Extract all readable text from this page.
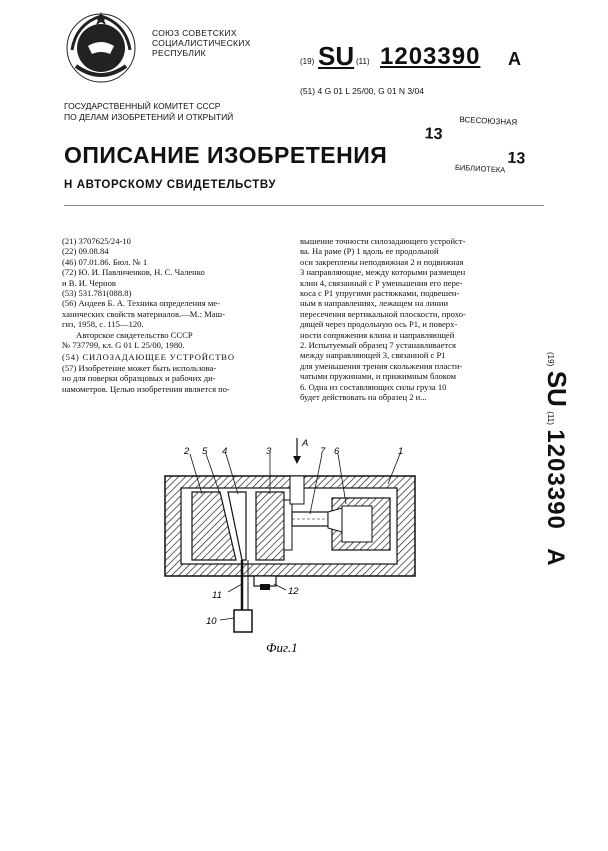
СОЮЗ СОВЕТСКИХ
СОЦИАЛИСТИЧЕСКИХ
РЕСПУБЛИК
(19) SU (11) 1203390 A
(51) 4 G 01 L 25/00, G 01 N 3/04
ГОСУДАРСТВЕННЫЙ КОМИТЕТ СССР
ПО ДЕЛАМ ИЗОБРЕТЕНИЙ И ОТКРЫТИЙ
ОПИСАНИЕ ИЗОБРЕТЕНИЯ
Н АВТОРСКОМУ СВИДЕТЕЛЬСТВУ
ВСЕСОЮЗНАЯ
13
13
БИБЛИОТЕКА

(21) 3707625/24-10

(22) 09.08.84

(46) 07.01.86. Бюл. № 1

(72) Ю. И. Павличенков, Н. С. Чаленко

и В. И. Чернов

(53) 531.781(088.8)

(56) Андеев Б. А. Техника определения ме-

ханических свойств материалов.—М.: Маш-

гиз, 1958, с. 115—120.

Авторское свидетельство СССР

№ 737799, кл. G 01 L 25/00, 1980.

(54) СИЛОЗАДАЮЩЕЕ УСТРОЙСТВО

(57) Изобретение может быть использова-

но для поверки образцовых и рабочих ди-

намометров. Целью изобретения является по-

вышение точности силозадающего устройст-

ва. На раме (Р) 1 вдоль ее продольной

оси закреплены неподвижная 2 и подвижная

3 направляющие, между которыми размещен

клин 4, связанный с Р уменьшения его пере-

коса с Р1 упругими растяжками, подвешен-

ным в направлениях, лежащем на линии

пересечения вертикальной плоскости, прохо-

дящей через продольную ось Р1, и поверх-

ности сопряжения клина и направляющей

2. Испытуемый образец 7 устанавливается

между направляющей 3, связанной с Р1

для уменьшения трения скольжения пласти-

чатыми пружинами, и прижимным блоком

6. Одна из составляющих силы груза 10

будет действовать на образец 2 и...

(19) SU (11) 1203390 A
2 5 4	3	7 6	1
11	12
10
А
Фиг.1
